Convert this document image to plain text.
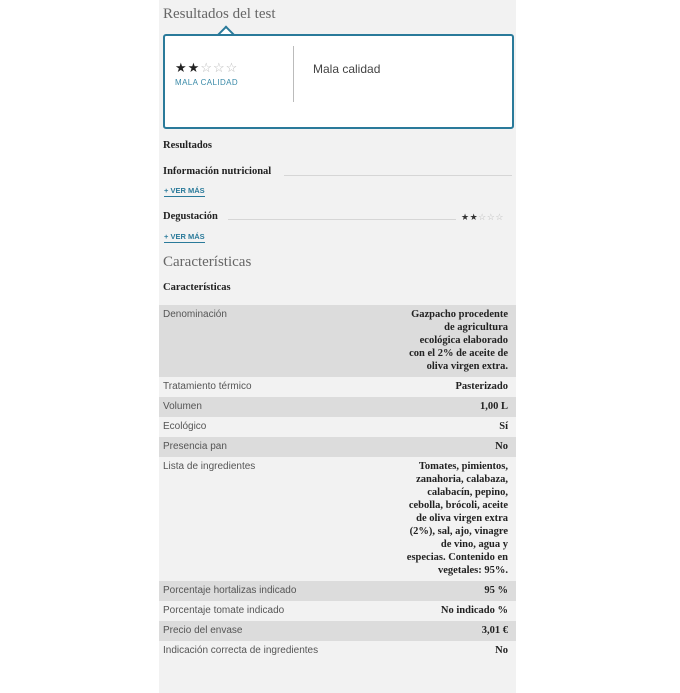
Resultados del test
★★☆☆☆
MALA CALIDAD
Mala calidad
Resultados
Información nutricional
+ VER MÁS
Degustación	★★☆☆☆
+ VER MÁS
Características
Características
Denominación	Gazpacho procedente de agricultura ecológica elaborado con el 2% de aceite de oliva virgen extra.
Tratamiento térmico	Pasterizado
Volumen	1,00 L
Ecológico	Sí
Presencia pan	No
Lista de ingredientes	Tomates, pimientos, zanahoria, calabaza, calabacín, pepino, cebolla, brócoli, aceite de oliva virgen extra (2%), sal, ajo, vinagre de vino, agua y especias. Contenido en vegetales: 95%.
Porcentaje hortalizas indicado	95 %
Porcentaje tomate indicado	No indicado %
Precio del envase	3,01 €
Indicación correcta de ingredientes	No
